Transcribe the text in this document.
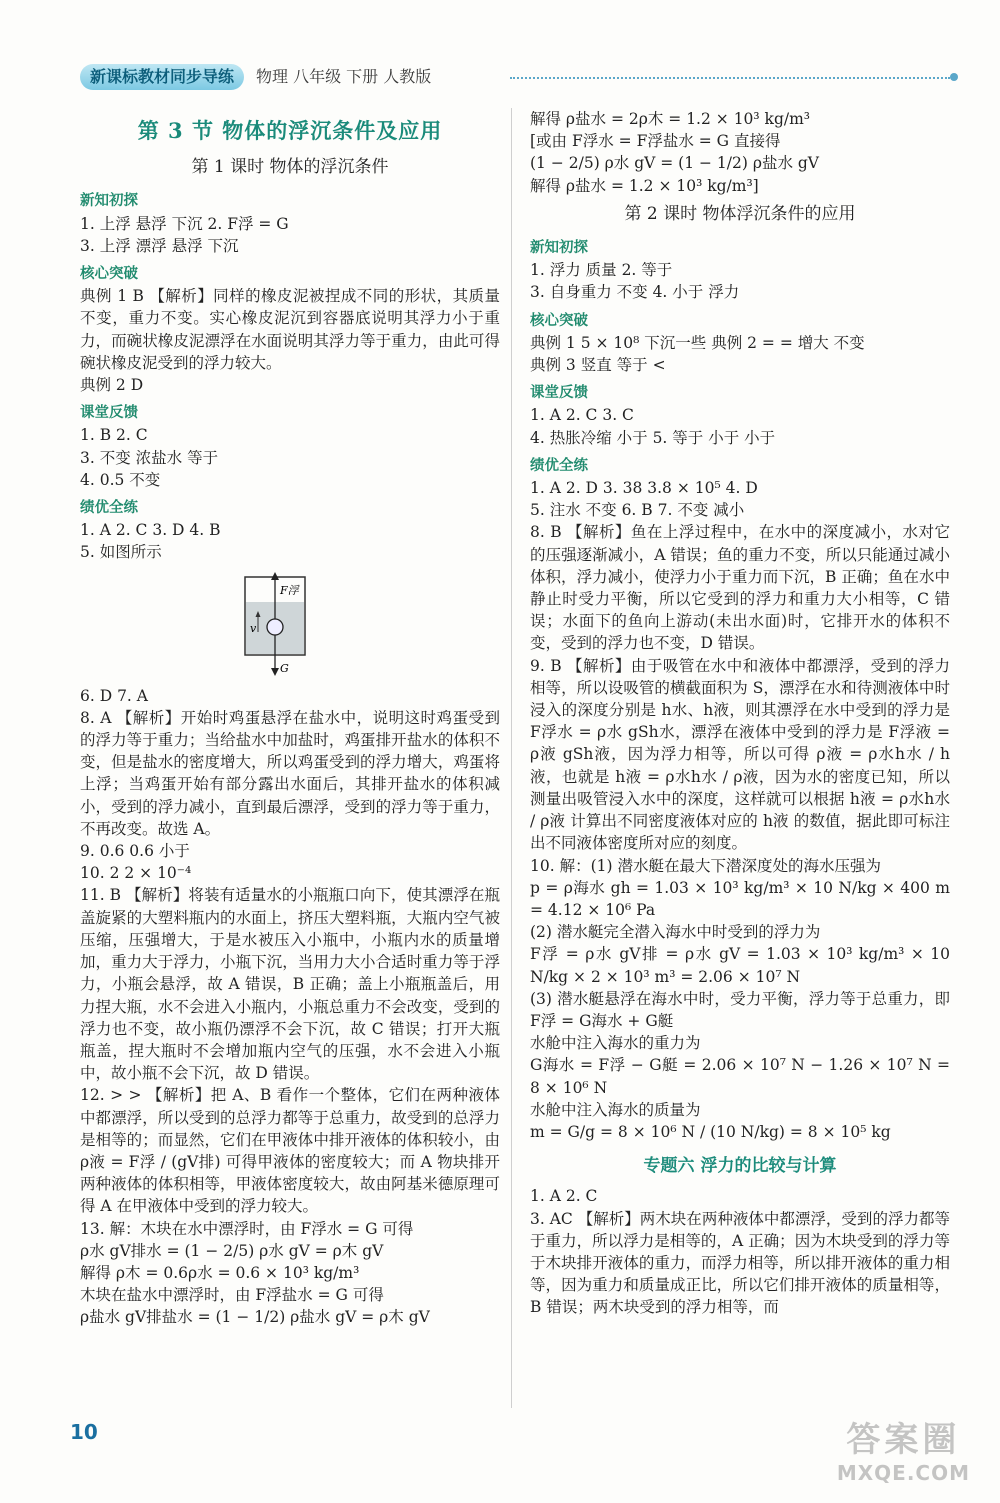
新课标教材同步导练	物理 八年级 下册 人教版
第 3 节 物体的浮沉条件及应用
第 1 课时 物体的浮沉条件
新知初探

1. 上浮 悬浮 下沉 2. F浮 = G

3. 上浮 漂浮 悬浮 下沉

核心突破

典例 1 B 【解析】同样的橡皮泥被捏成不同的形状，其质量不变，重力不变。实心橡皮泥沉到容器底说明其浮力小于重力，而碗状橡皮泥漂浮在水面说明其浮力等于重力，由此可得碗状橡皮泥受到的浮力较大。

典例 2 D

课堂反馈

1. B 2. C

3. 不变 浓盐水 等于

4. 0.5 不变

绩优全练

1. A 2. C 3. D 4. B

5. 如图所示

F浮
G
v

6. D 7. A

8. A 【解析】开始时鸡蛋悬浮在盐水中，说明这时鸡蛋受到的浮力等于重力；当给盐水中加盐时，鸡蛋排开盐水的体积不变，但是盐水的密度增大，所以鸡蛋受到的浮力增大，鸡蛋将上浮；当鸡蛋开始有部分露出水面后，其排开盐水的体积减小，受到的浮力减小，直到最后漂浮，受到的浮力等于重力，不再改变。故选 A。

9. 0.6 0.6 小于

10. 2 2 × 10⁻⁴

11. B 【解析】将装有适量水的小瓶瓶口向下，使其漂浮在瓶盖旋紧的大塑料瓶内的水面上，挤压大塑料瓶，大瓶内空气被压缩，压强增大，于是水被压入小瓶中，小瓶内水的质量增加，重力大于浮力，小瓶下沉，当用力大小合适时重力等于浮力，小瓶会悬浮，故 A 错误，B 正确；盖上小瓶瓶盖后，用力捏大瓶，水不会进入小瓶内，小瓶总重力不会改变，受到的浮力也不变，故小瓶仍漂浮不会下沉，故 C 错误；打开大瓶瓶盖，捏大瓶时不会增加瓶内空气的压强，水不会进入小瓶中，故小瓶不会下沉，故 D 错误。

12. > > 【解析】把 A、B 看作一个整体，它们在两种液体中都漂浮，所以受到的总浮力都等于总重力，故受到的总浮力是相等的；而显然，它们在甲液体中排开液体的体积较小，由 ρ液 = F浮 / (gV排) 可得甲液体的密度较大；而 A 物块排开两种液体的体积相等，甲液体密度较大，故由阿基米德原理可得 A 在甲液体中受到的浮力较大。

13. 解：木块在水中漂浮时，由 F浮水 = G 可得

ρ水 gV排水 = (1 − 2/5) ρ水 gV = ρ木 gV

解得 ρ木 = 0.6ρ水 = 0.6 × 10³ kg/m³

木块在盐水中漂浮时，由 F浮盐水 = G 可得

ρ盐水 gV排盐水 = (1 − 1/2) ρ盐水 gV = ρ木 gV

解得 ρ盐水 = 2ρ木 = 1.2 × 10³ kg/m³

[或由 F浮水 = F浮盐水 = G 直接得

(1 − 2/5) ρ水 gV = (1 − 1/2) ρ盐水 gV

解得 ρ盐水 = 1.2 × 10³ kg/m³]

第 2 课时 物体浮沉条件的应用
新知初探

1. 浮力 质量 2. 等于

3. 自身重力 不变 4. 小于 浮力

核心突破

典例 1 5 × 10⁸ 下沉一些 典例 2 = = 增大 不变

典例 3 竖直 等于 <

课堂反馈

1. A 2. C 3. C

4. 热胀冷缩 小于 5. 等于 小于 小于

绩优全练

1. A 2. D 3. 38 3.8 × 10⁵ 4. D

5. 注水 不变 6. B 7. 不变 减小

8. B 【解析】鱼在上浮过程中，在水中的深度减小，水对它的压强逐渐减小，A 错误；鱼的重力不变，所以只能通过减小体积，浮力减小，使浮力小于重力而下沉，B 正确；鱼在水中静止时受力平衡，所以它受到的浮力和重力大小相等，C 错误；水面下的鱼向上游动(未出水面)时，它排开水的体积不变，受到的浮力也不变，D 错误。

9. B 【解析】由于吸管在水中和液体中都漂浮，受到的浮力相等，所以设吸管的横截面积为 S，漂浮在水和待测液体中时浸入的深度分别是 h水、h液，则其漂浮在水中受到的浮力是 F浮水 = ρ水 gSh水，漂浮在液体中受到的浮力是 F浮液 = ρ液 gSh液，因为浮力相等，所以可得 ρ液 = ρ水h水 / h液，也就是 h液 = ρ水h水 / ρ液，因为水的密度已知，所以测量出吸管浸入水中的深度，这样就可以根据 h液 = ρ水h水 / ρ液 计算出不同密度液体对应的 h液 的数值，据此即可标注出不同液体密度所对应的刻度。

10. 解：(1) 潜水艇在最大下潜深度处的海水压强为

p = ρ海水 gh = 1.03 × 10³ kg/m³ × 10 N/kg × 400 m = 4.12 × 10⁶ Pa

(2) 潜水艇完全潜入海水中时受到的浮力为

F浮 = ρ水 gV排 = ρ水 gV = 1.03 × 10³ kg/m³ × 10 N/kg × 2 × 10³ m³ = 2.06 × 10⁷ N

(3) 潜水艇悬浮在海水中时，受力平衡，浮力等于总重力，即 F浮 = G海水 + G艇

水舱中注入海水的重力为

G海水 = F浮 − G艇 = 2.06 × 10⁷ N − 1.26 × 10⁷ N = 8 × 10⁶ N

水舱中注入海水的质量为

m = G/g = 8 × 10⁶ N / (10 N/kg) = 8 × 10⁵ kg

专题六 浮力的比较与计算

1. A 2. C

3. AC 【解析】两木块在两种液体中都漂浮，受到的浮力都等于重力，所以浮力是相等的，A 正确；因为木块受到的浮力等于木块排开液体的重力，而浮力相等，所以排开液体的重力相等，因为重力和质量成正比，所以它们排开液体的质量相等，B 错误；两木块受到的浮力相等，而

10	答案圈
MXQE.COM
